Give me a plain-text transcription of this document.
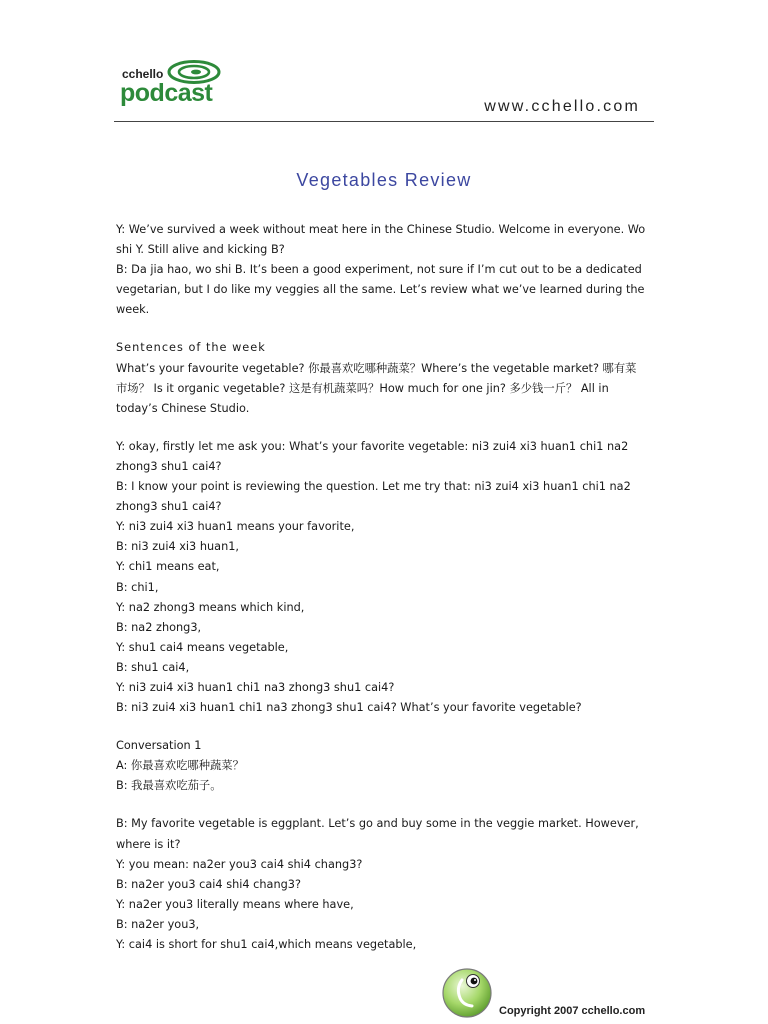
cchello
podcast	www.cchello.com
Vegetables Review
Y: We’ve survived a week without meat here in the Chinese Studio. Welcome in everyone. Wo
shi Y. Still alive and kicking B?
B: Da jia hao, wo shi B. It’s been a good experiment, not sure if I’m cut out to be a dedicated
vegetarian, but I do like my veggies all the same. Let’s review what we’ve learned during the
week.
Sentences of the week
What’s your favourite vegetable? 你最喜欢吃哪种蔬菜？Where’s the vegetable market? 哪有菜
市场？ Is it organic vegetable? 这是有机蔬菜吗？How much for one jin? 多少钱一斤？ All in
today’s Chinese Studio.
Y: okay, firstly let me ask you: What’s your favorite vegetable: ni3 zui4 xi3 huan1 chi1 na2
zhong3 shu1 cai4?
B: I know your point is reviewing the question. Let me try that: ni3 zui4 xi3 huan1 chi1 na2
zhong3 shu1 cai4?
Y: ni3 zui4 xi3 huan1 means your favorite,
B: ni3 zui4 xi3 huan1,
Y: chi1 means eat,
B: chi1,
Y: na2 zhong3 means which kind,
B: na2 zhong3,
Y: shu1 cai4 means vegetable,
B: shu1 cai4,
Y: ni3 zui4 xi3 huan1 chi1 na3 zhong3 shu1 cai4?
B: ni3 zui4 xi3 huan1 chi1 na3 zhong3 shu1 cai4? What’s your favorite vegetable?
Conversation 1
A: 你最喜欢吃哪种蔬菜？
B: 我最喜欢吃茄子。
B: My favorite vegetable is eggplant. Let’s go and buy some in the veggie market. However,
where is it?
Y: you mean: na2er you3 cai4 shi4 chang3?
B: na2er you3 cai4 shi4 chang3?
Y: na2er you3 literally means where have,
B: na2er you3,
Y: cai4 is short for shu1 cai4,which means vegetable,
Copyright 2007 cchello.com
